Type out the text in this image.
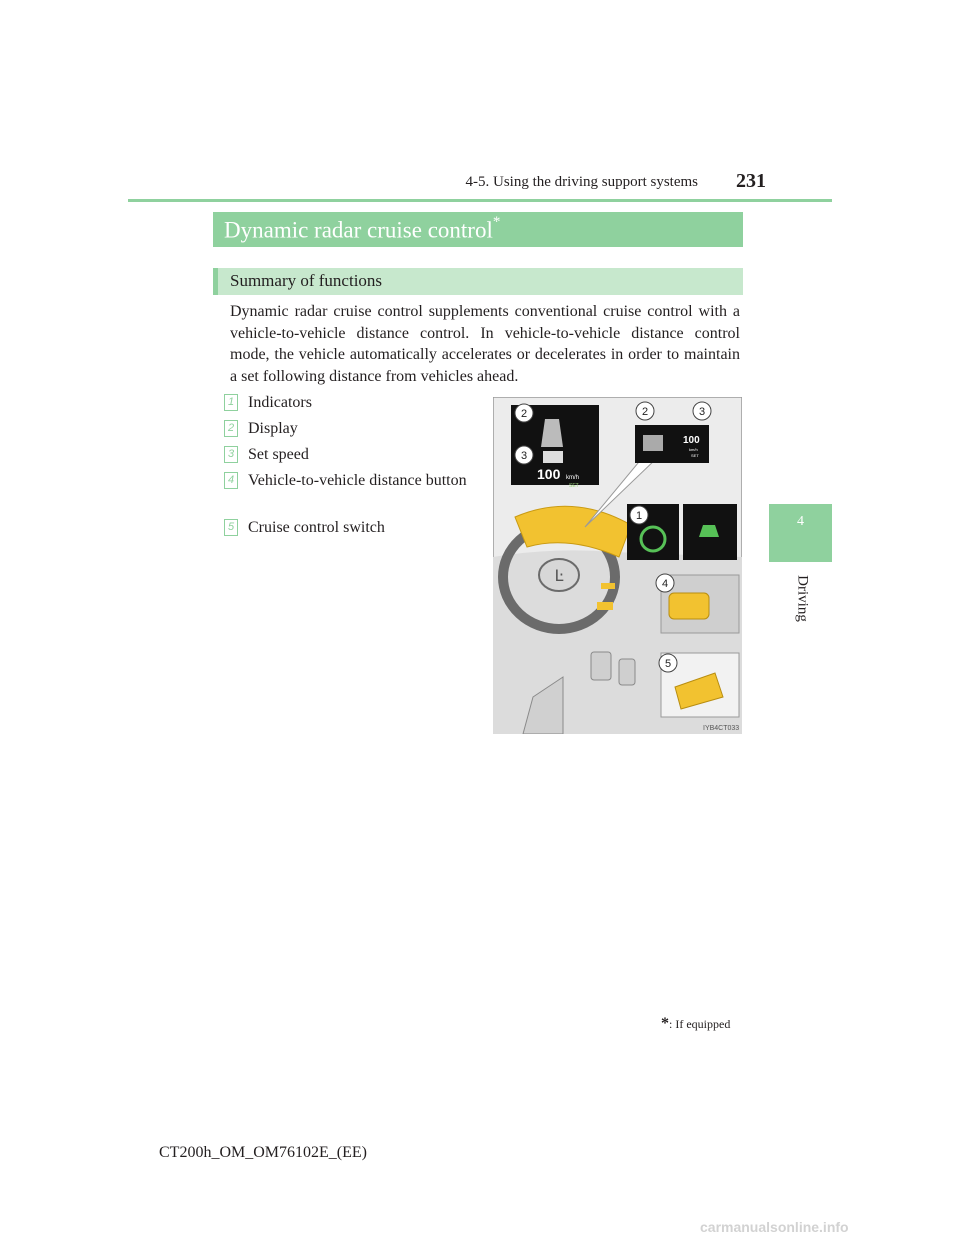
4-5. Using the driving support systems 231
4
Driving
Dynamic radar cruise control*
Summary of functions
Dynamic radar cruise control supplements conventional cruise control with a vehicle-to-vehicle distance control. In vehicle-to-vehicle distance control mode, the vehicle automatically accelerates or decelerates in order to maintain a set following distance from vehicles ahead.
1 Indicators
2 Display
3 Set speed
4 Vehicle-to-vehicle distance button
5 Cruise control switch
Ŀ
100 km/h
SET
100
km/h
SET
2
3
2	3
1
4
5
IYB4CT033
*: If equipped
CT200h_OM_OM76102E_(EE)
carmanualsonline.info
